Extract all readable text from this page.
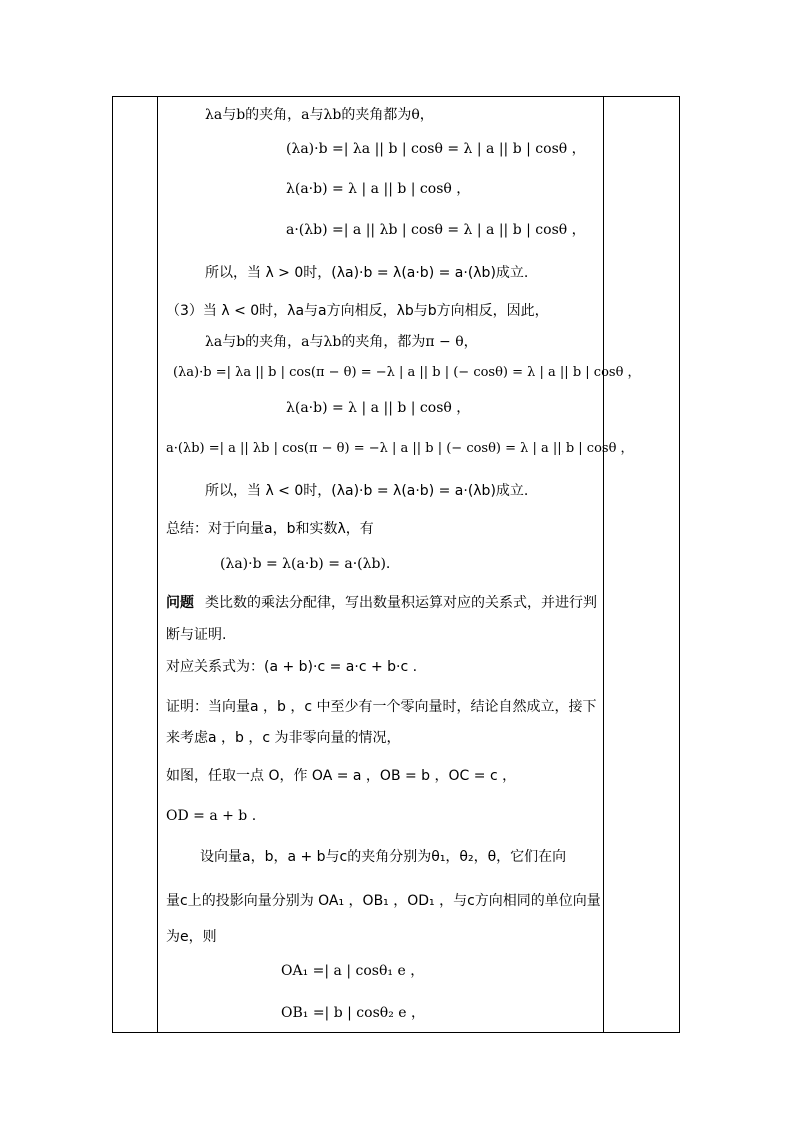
λa与b的夹角，a与λb的夹角都为θ，
(λa)·b =| λa || b | cosθ = λ | a || b | cosθ ，
λ(a·b) = λ | a || b | cosθ ，
a·(λb) =| a || λb | cosθ = λ | a || b | cosθ ，
所以，当 λ > 0时，(λa)·b = λ(a·b) = a·(λb)成立.
（3）当 λ < 0时，λa与a方向相反，λb与b方向相反，因此，
λa与b的夹角，a与λb的夹角，都为π − θ，
(λa)·b =| λa || b | cos(π − θ) = −λ | a || b | (− cosθ) = λ | a || b | cosθ ，
λ(a·b) = λ | a || b | cosθ ，
a·(λb) =| a || λb | cos(π − θ) = −λ | a || b | (− cosθ) = λ | a || b | cosθ ，
所以，当 λ < 0时，(λa)·b = λ(a·b) = a·(λb)成立.
总结：对于向量a，b和实数λ，有
(λa)·b = λ(a·b) = a·(λb).
问题 类比数的乘法分配律，写出数量积运算对应的关系式，并进行判
断与证明.
对应关系式为：(a + b)·c = a·c + b·c .
证明：当向量a ，b ，c 中至少有一个零向量时，结论自然成立，接下
来考虑a ，b ，c 为非零向量的情况，
如图，任取一点 O，作 OA = a ，OB = b ，OC = c ，
OD = a + b .
设向量a，b，a + b与c的夹角分别为θ₁，θ₂，θ，它们在向
量c上的投影向量分别为 OA₁ ，OB₁ ，OD₁ ，与c方向相同的单位向量
为e，则
OA₁ =| a | cosθ₁ e ，
OB₁ =| b | cosθ₂ e ，
